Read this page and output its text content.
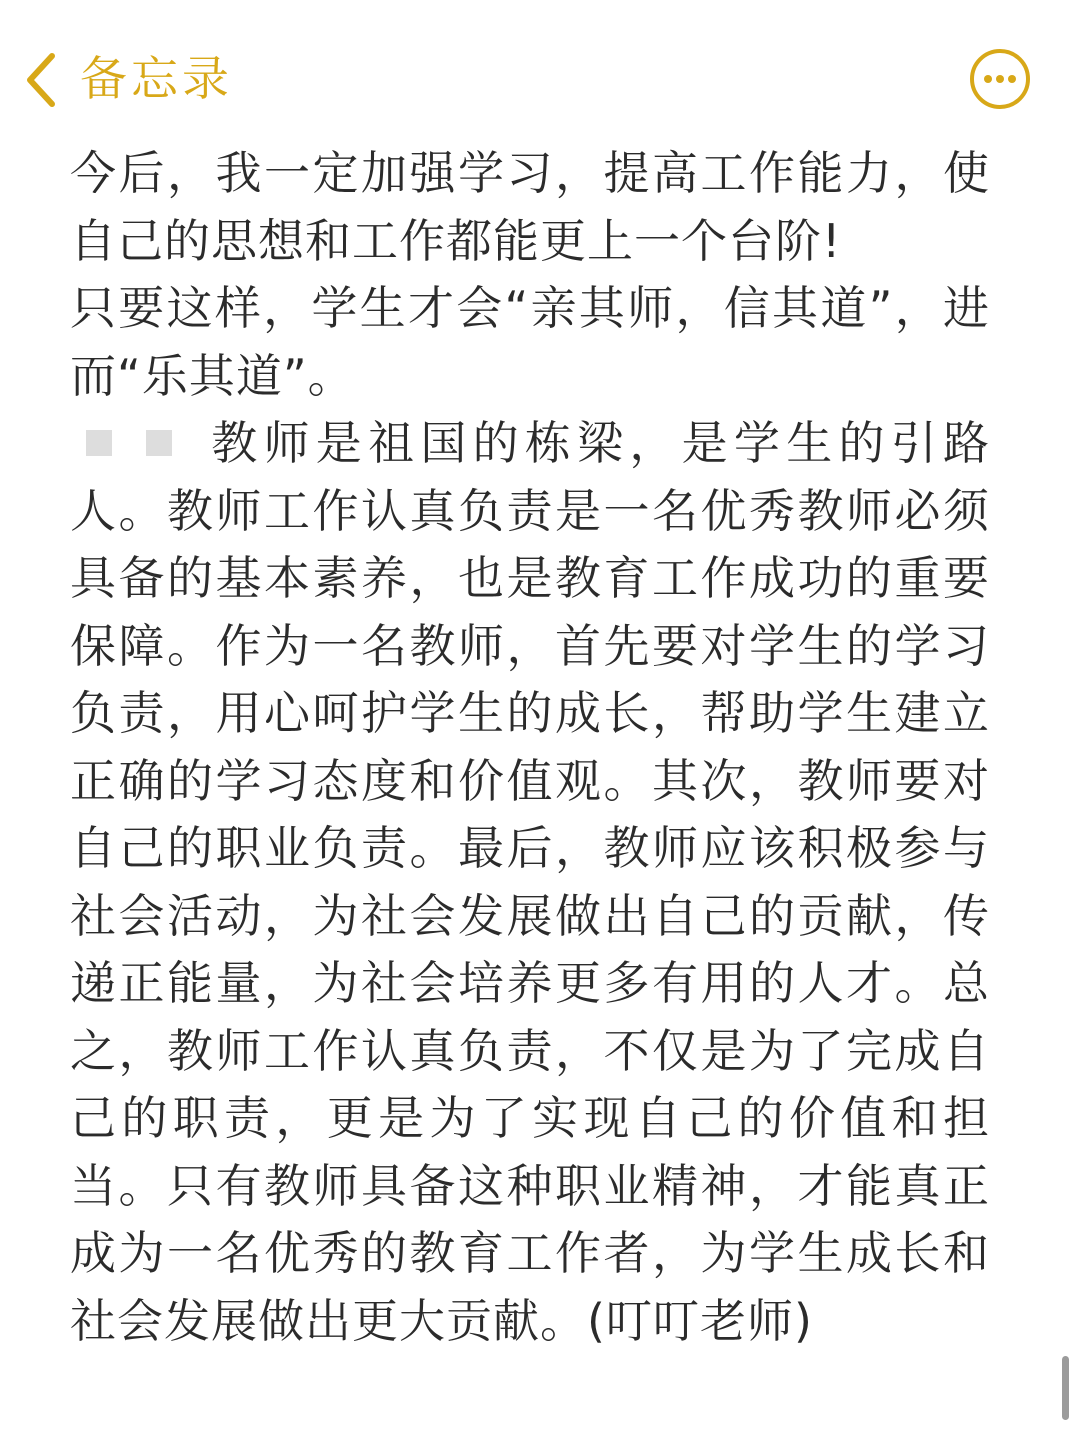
备忘录

今后，我一定加强学习，提高工作能力，使自己的思想和工作都能更上一个台阶!

只要这样，学生才会“亲其师，信其道”，进而“乐其道”。

教师是祖国的栋梁，是学生的引路人。教师工作认真负责是一名优秀教师必须具备的基本素养，也是教育工作成功的重要保障。作为一名教师，首先要对学生的学习负责，用心呵护学生的成长，帮助学生建立正确的学习态度和价值观。其次，教师要对自己的职业负责。最后，教师应该积极参与社会活动，为社会发展做出自己的贡献，传递正能量，为社会培养更多有用的人才。总之，教师工作认真负责，不仅是为了完成自己的职责，更是为了实现自己的价值和担当。只有教师具备这种职业精神，才能真正成为一名优秀的教育工作者，为学生成长和社会发展做出更大贡献。(叮叮老师)
